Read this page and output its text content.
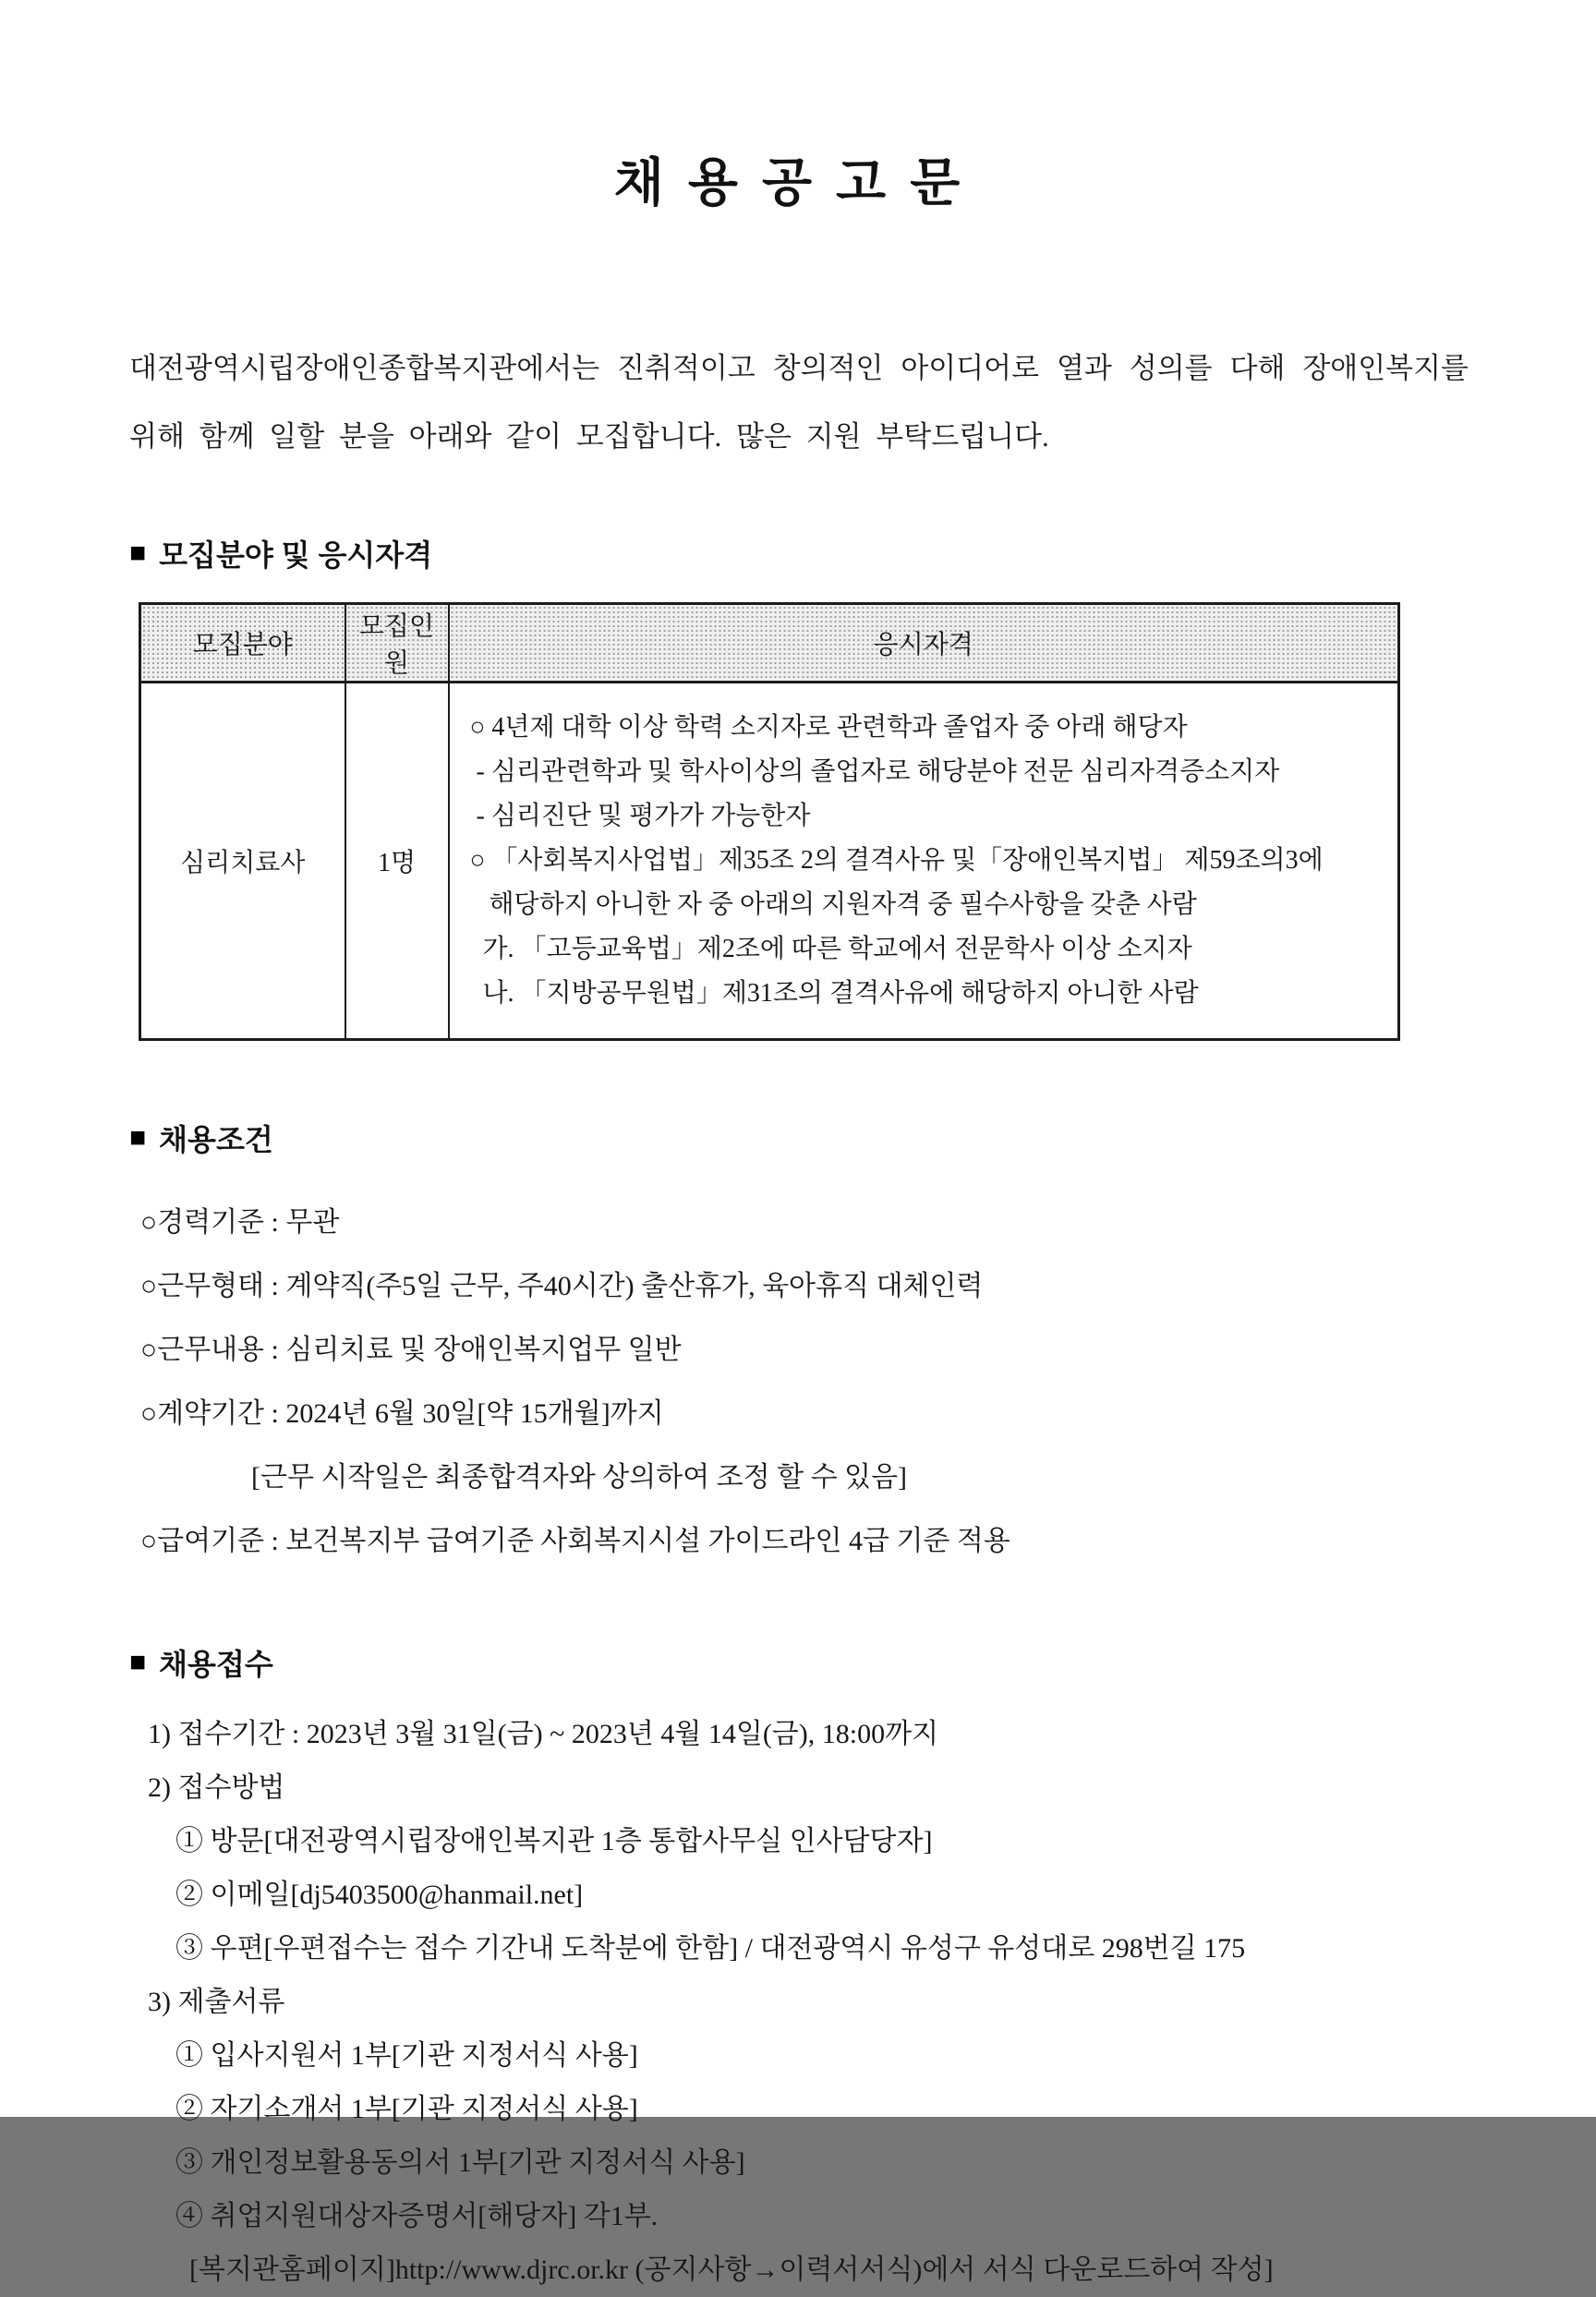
채용공고문

대전광역시립장애인종합복지관에서는 진취적이고 창의적인 아이디어로 열과 성의를 다해 장애인복지를 위해 함께 일할 분을 아래와 같이 모집합니다. 많은 지원 부탁드립니다.

■ 모집분야 및 응시자격
모집분야	모집인원	응시자격
심리치료사	1명	
○ 4년제 대학 이상 학력 소지자로 관련학과 졸업자 중 아래 해당자
- 심리관련학과 및 학사이상의 졸업자로 해당분야 전문 심리자격증소지자
- 심리진단 및 평가가 가능한자
○ 「사회복지사업법」제35조 2의 결격사유 및「장애인복지법」 제59조의3에
해당하지 아니한 자 중 아래의 지원자격 중 필수사항을 갖춘 사람
가. 「고등교육법」제2조에 따른 학교에서 전문학사 이상 소지자
나. 「지방공무원법」제31조의 결격사유에 해당하지 아니한 사람
■ 채용조건
○경력기준 : 무관
○근무형태 : 계약직(주5일 근무, 주40시간) 출산휴가, 육아휴직 대체인력
○근무내용 : 심리치료 및 장애인복지업무 일반
○계약기간 : 2024년 6월 30일[약 15개월]까지
[근무 시작일은 최종합격자와 상의하여 조정 할 수 있음]
○급여기준 : 보건복지부 급여기준 사회복지시설 가이드라인 4급 기준 적용
■ 채용접수
1) 접수기간 : 2023년 3월 31일(금) ~ 2023년 4월 14일(금), 18:00까지
2) 접수방법
① 방문[대전광역시립장애인복지관 1층 통합사무실 인사담당자]
② 이메일[dj5403500@hanmail.net]
③ 우편[우편접수는 접수 기간내 도착분에 한함] / 대전광역시 유성구 유성대로 298번길 175
3) 제출서류
① 입사지원서 1부[기관 지정서식 사용]
② 자기소개서 1부[기관 지정서식 사용]
③ 개인정보활용동의서 1부[기관 지정서식 사용]
④ 취업지원대상자증명서[해당자] 각1부.
[복지관홈페이지]http://www.djrc.or.kr (공지사항→이력서서식)에서 서식 다운로드하여 작성]
